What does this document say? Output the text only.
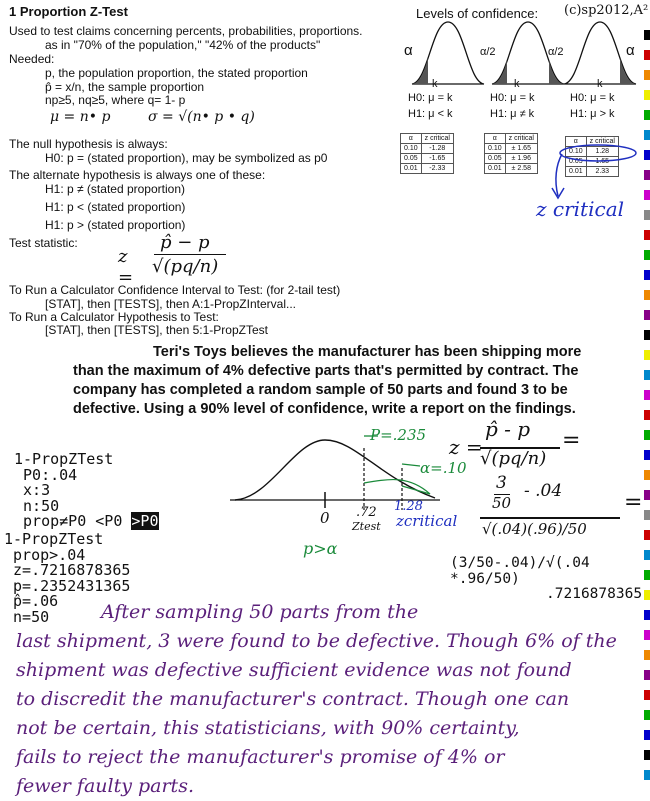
1 Proportion Z-Test	Levels of confidence: (c)sp2012,A²
Used to test claims concerning percents, probabilities, proportions.
as in "70% of the population," "42% of the products"
Needed:
p, the population proportion, the stated proportion
p̂ = x/n, the sample proportion
np≥5, nq≥5, where q= 1- p
μ = n• p	σ = √(n• p • q)
The null hypothesis is always:
H0: p = (stated proportion), may be symbolized as p0
The alternate hypothesis is always one of these:
H1: p ≠ (stated proportion)
H1: p < (stated proportion)
H1: p > (stated proportion)
Test statistic:
z =
p̂ − p
√(pq/n)
To Run a Calculator Confidence Interval to Test: (for 2-tail test)
[STAT], then [TESTS], then A:1-PropZInterval...
To Run a Calculator Hypothesis to Test:
[STAT], then [TESTS], then 5:1-PropZTest
α
k
H0: μ = k
H1: μ < k
α/2	α/2
k
H0: μ = k
H1: μ ≠ k
α
k
H0: μ = k
H1: μ > k
α	z critical
0.10	-1.28
0.05	-1.65
0.01	-2.33
α	z critical
0.10	± 1.65
0.05	± 1.96
0.01	± 2.58
α	z critical
0.10	1.28
0.05	1.65
0.01	2.33
z critical
Teri's Toys believes the manufacturer has been shipping more than the maximum of 4% defective parts that's permitted by contract. The company has completed a random sample of 50 parts and found 3 to be defective. Using a 90% level of confidence, write a report on the findings.
1-PropZTest
P0:.04
x:3
n:50
prop≠P0 <P0 >P0
1-PropZTest
prop>.04
z=.7216878365
p=.2352431365
p̂=.06
n=50
(3/50-.04)/√(.04
*.96/50)
.7216878365
P=.235
α=.10
0 .72
Ztest
1.28
zcritical
p>α
z =
p̂ - p
√(pq/n)
=
3
50
- .04
√(.04)(.96)/50
=
After sampling 50 parts from the
last shipment, 3 were found to be defective. Though 6% of the
shipment was defective sufficient evidence was not found
to discredit the manufacturer's contract. Though one can
not be certain, this statisticians, with 90% certainty,
fails to reject the manufacturer's promise of 4% or
fewer faulty parts.
